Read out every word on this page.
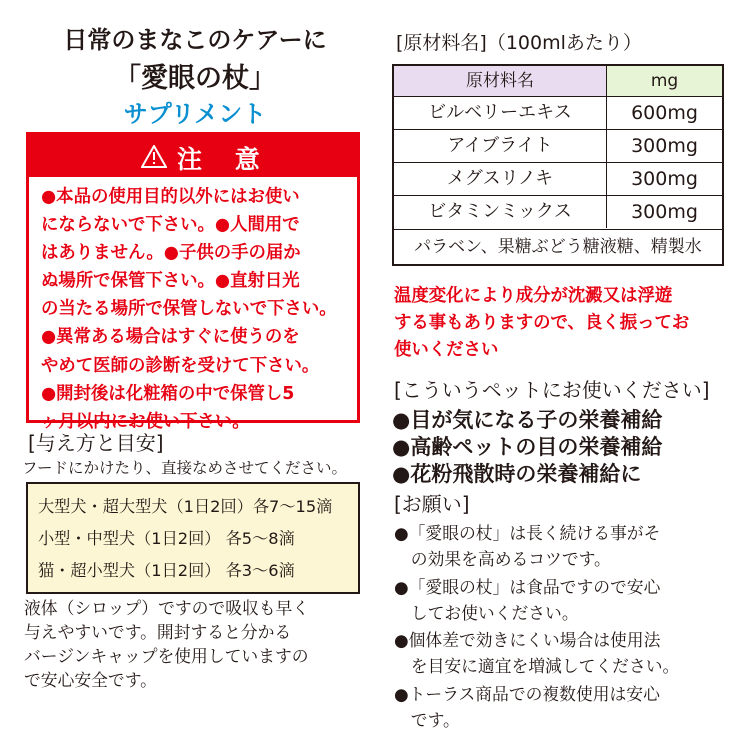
日常のまなこのケアーに
「愛眼の杖」
サプリメント
注 意
●本品の使用目的以外にはお使い
にならないで下さい。●人間用で
はありません。●子供の手の届か
ぬ場所で保管下さい。●直射日光
の当たる場所で保管しないで下さい。
●異常ある場合はすぐに使うのを
やめて医師の診断を受けて下さい。
●開封後は化粧箱の中で保管し5
ヶ月以内にお使い下さい。
[与え方と目安]
フードにかけたり、直接なめさせてください。
大型犬・超大型犬（1日2回）各7～15滴
小型・中型犬（1日2回） 各5～8滴
猫・超小型犬（1日2回） 各3～6滴
液体（シロップ）ですので吸収も早く
与えやすいです。開封すると分かる
バージンキャップを使用していますの
で安心安全です。
[原材料名]（100mlあたり）
原材料名	mg
ビルベリーエキス	600mg
アイブライト	300mg
メグスリノキ	300mg
ビタミンミックス	300mg
パラベン、果糖ぶどう糖液糖、精製水
温度変化により成分が沈澱又は浮遊
する事もありますので、良く振ってお
使いください
[こういうペットにお使いください]
●目が気になる子の栄養補給
●高齢ペットの目の栄養補給
●花粉飛散時の栄養補給に
[お願い]
●「愛眼の杖」は長く続ける事がそ
　の効果を高めるコツです。
●「愛眼の杖」は食品ですので安心
　してお使いください。
●個体差で効きにくい場合は使用法
　を目安に適宜を増減してください。
●トーラス商品での複数使用は安心
　です。
